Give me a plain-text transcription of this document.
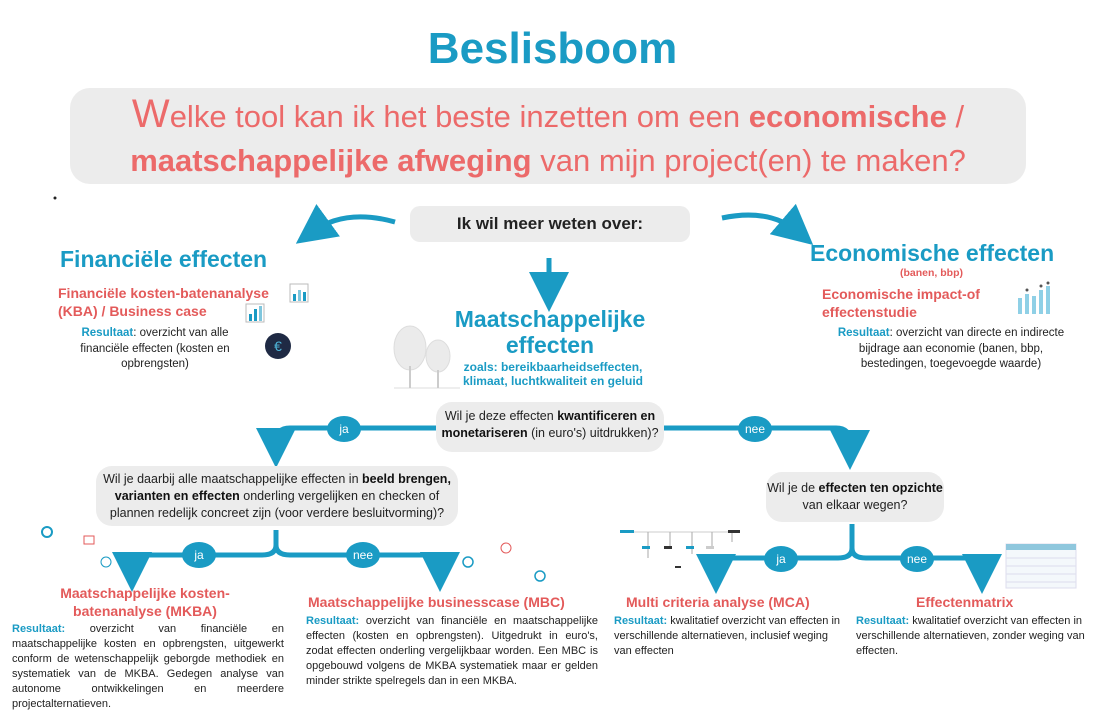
Beslisboom
Welke tool kan ik het beste inzetten om een economische /
maatschappelijke afweging van mijn project(en) te maken?
Ik wil meer weten over:
Financiële effecten
Financiële kosten-batenanalyse (KBA) / Business case
Resultaat: overzicht van alle financiële effecten (kosten en opbrengsten)
€
Economische effecten
(banen, bbp)
Economische impact-of effectenstudie
Resultaat: overzicht van directe en indirecte bijdrage aan economie (banen, bbp, bestedingen, toegevoegde waarde)
Maatschappelijke effecten
zoals: bereikbaarheidseffecten, klimaat, luchtkwaliteit en geluid
Wil je deze effecten kwantificeren en monetariseren (in euro's) uitdrukken)?
ja	nee
Wil je daarbij alle maatschappelijke effecten in beeld brengen, varianten en effecten onderling vergelijken en checken of plannen redelijk concreet zijn (voor verdere besluitvorming)?
ja	nee
Wil je de effecten ten opzichte van elkaar wegen?
ja	nee
Maatschappelijke kosten-batenanalyse (MKBA)
Resultaat: overzicht van financiële en maatschappelijke kosten en opbrengsten, uitgewerkt conform de wetenschappelijk geborgde methodiek en systematiek van de MKBA. Gedegen analyse van autonome ontwikkelingen en meerdere projectalternatieven.
Maatschappelijke businesscase (MBC)
Resultaat: overzicht van financiële en maatschappelijke effecten (kosten en opbrengsten). Uitgedrukt in euro's, zodat effecten onderling vergelijkbaar worden. Een MBC is opgebouwd volgens de MKBA systematiek maar er gelden minder strikte spelregels dan in een MKBA.
Multi criteria analyse (MCA)
Resultaat: kwalitatief overzicht van effecten in verschillende alternatieven, inclusief weging van effecten
Effectenmatrix
Resultaat: kwalitatief overzicht van effecten in verschillende alternatieven, zonder weging van effecten.
